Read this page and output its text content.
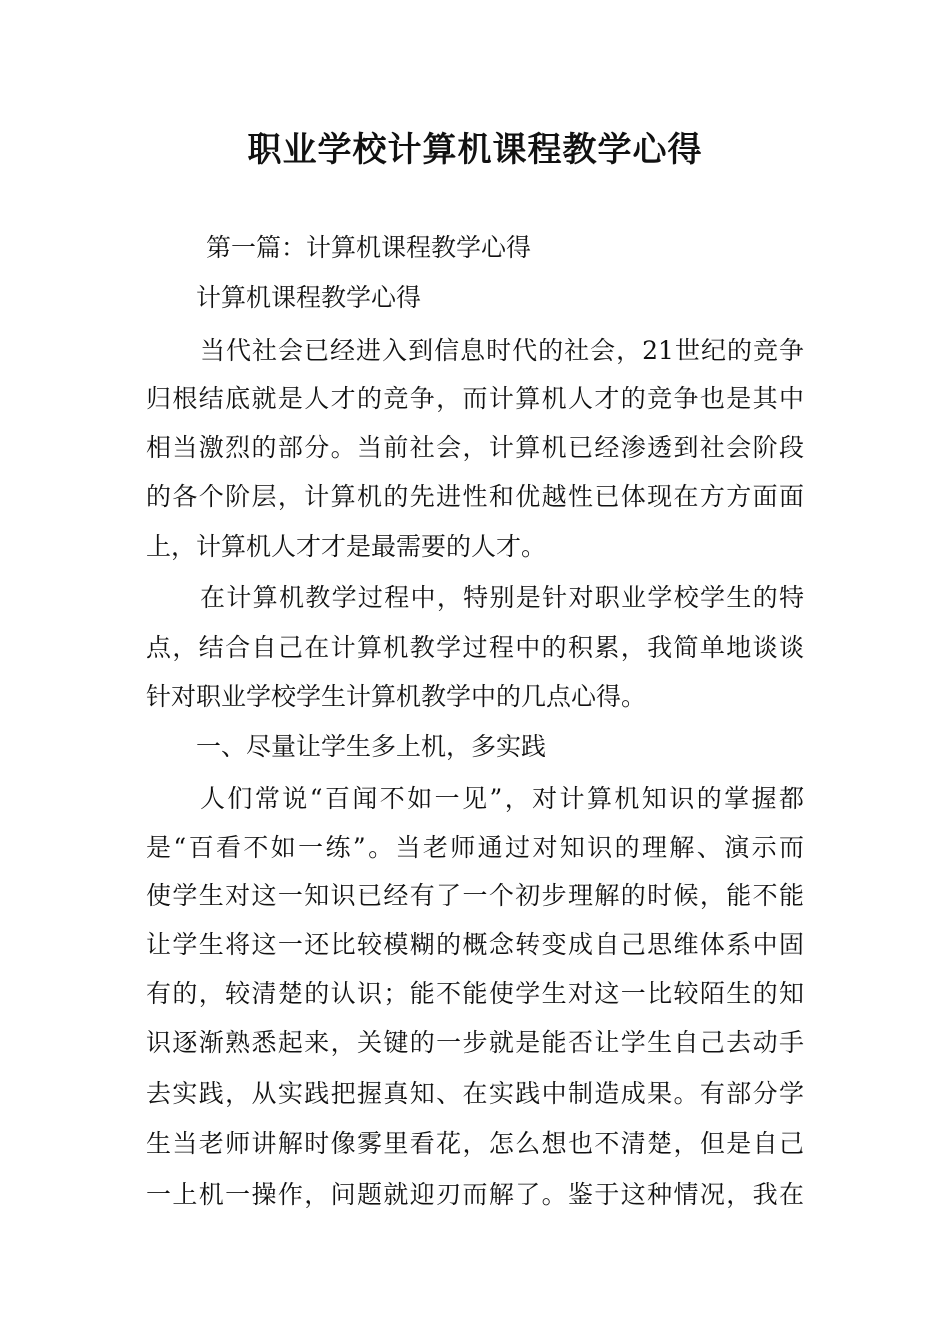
职业学校计算机课程教学心得

第一篇：计算机课程教学心得

计算机课程教学心得

当代社会已经进入到信息时代的社会，21世纪的竞争

归根结底就是人才的竞争，而计算机人才的竞争也是其中

相当激烈的部分。当前社会，计算机已经渗透到社会阶段

的各个阶层，计算机的先进性和优越性已体现在方方面面

上，计算机人才才是最需要的人才。

在计算机教学过程中，特别是针对职业学校学生的特

点，结合自己在计算机教学过程中的积累，我简单地谈谈

针对职业学校学生计算机教学中的几点心得。

一、尽量让学生多上机，多实践

人们常说“百闻不如一见”，对计算机知识的掌握都

是“百看不如一练”。当老师通过对知识的理解、演示而

使学生对这一知识已经有了一个初步理解的时候，能不能

让学生将这一还比较模糊的概念转变成自己思维体系中固

有的，较清楚的认识；能不能使学生对这一比较陌生的知

识逐渐熟悉起来，关键的一步就是能否让学生自己去动手

去实践，从实践把握真知、在实践中制造成果。有部分学

生当老师讲解时像雾里看花，怎么想也不清楚，但是自己

一上机一操作，问题就迎刃而解了。鉴于这种情况，我在
